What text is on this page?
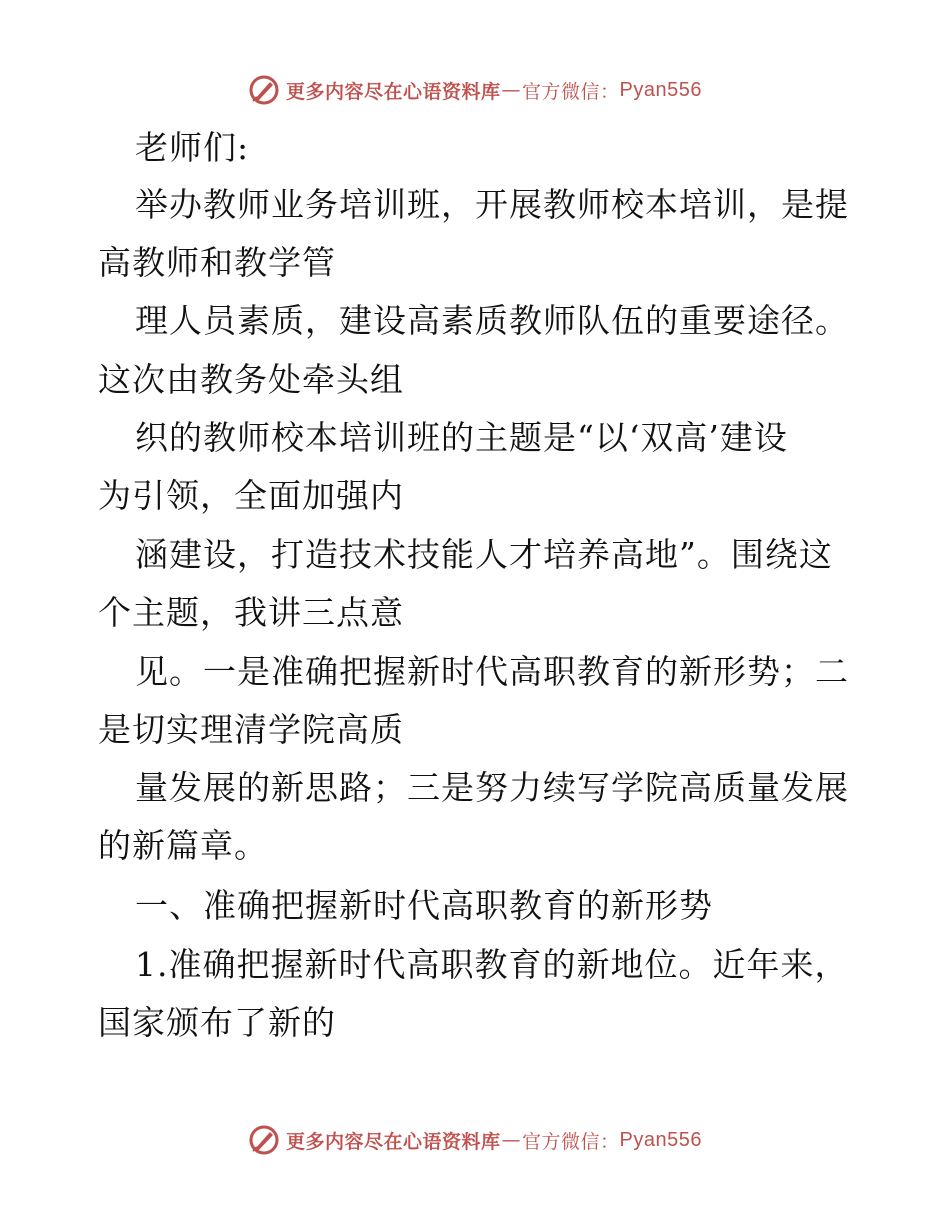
更多内容尽在心语资料库 — 官方微信： Pyan556
老师们:
举办教师业务培训班，开展教师校本培训，是提
高教师和教学管
理人员素质，建设高素质教师队伍的重要途径。
这次由教务处牵头组
织的教师校本培训班的主题是“以‘双高’建设
为引领，全面加强内
涵建设，打造技术技能人才培养高地”。围绕这
个主题，我讲三点意
见。一是准确把握新时代高职教育的新形势；二
是切实理清学院高质
量发展的新思路；三是努力续写学院高质量发展
的新篇章。
一、准确把握新时代高职教育的新形势
1.准确把握新时代高职教育的新地位。近年来，
国家颁布了新的
更多内容尽在心语资料库 — 官方微信： Pyan556
